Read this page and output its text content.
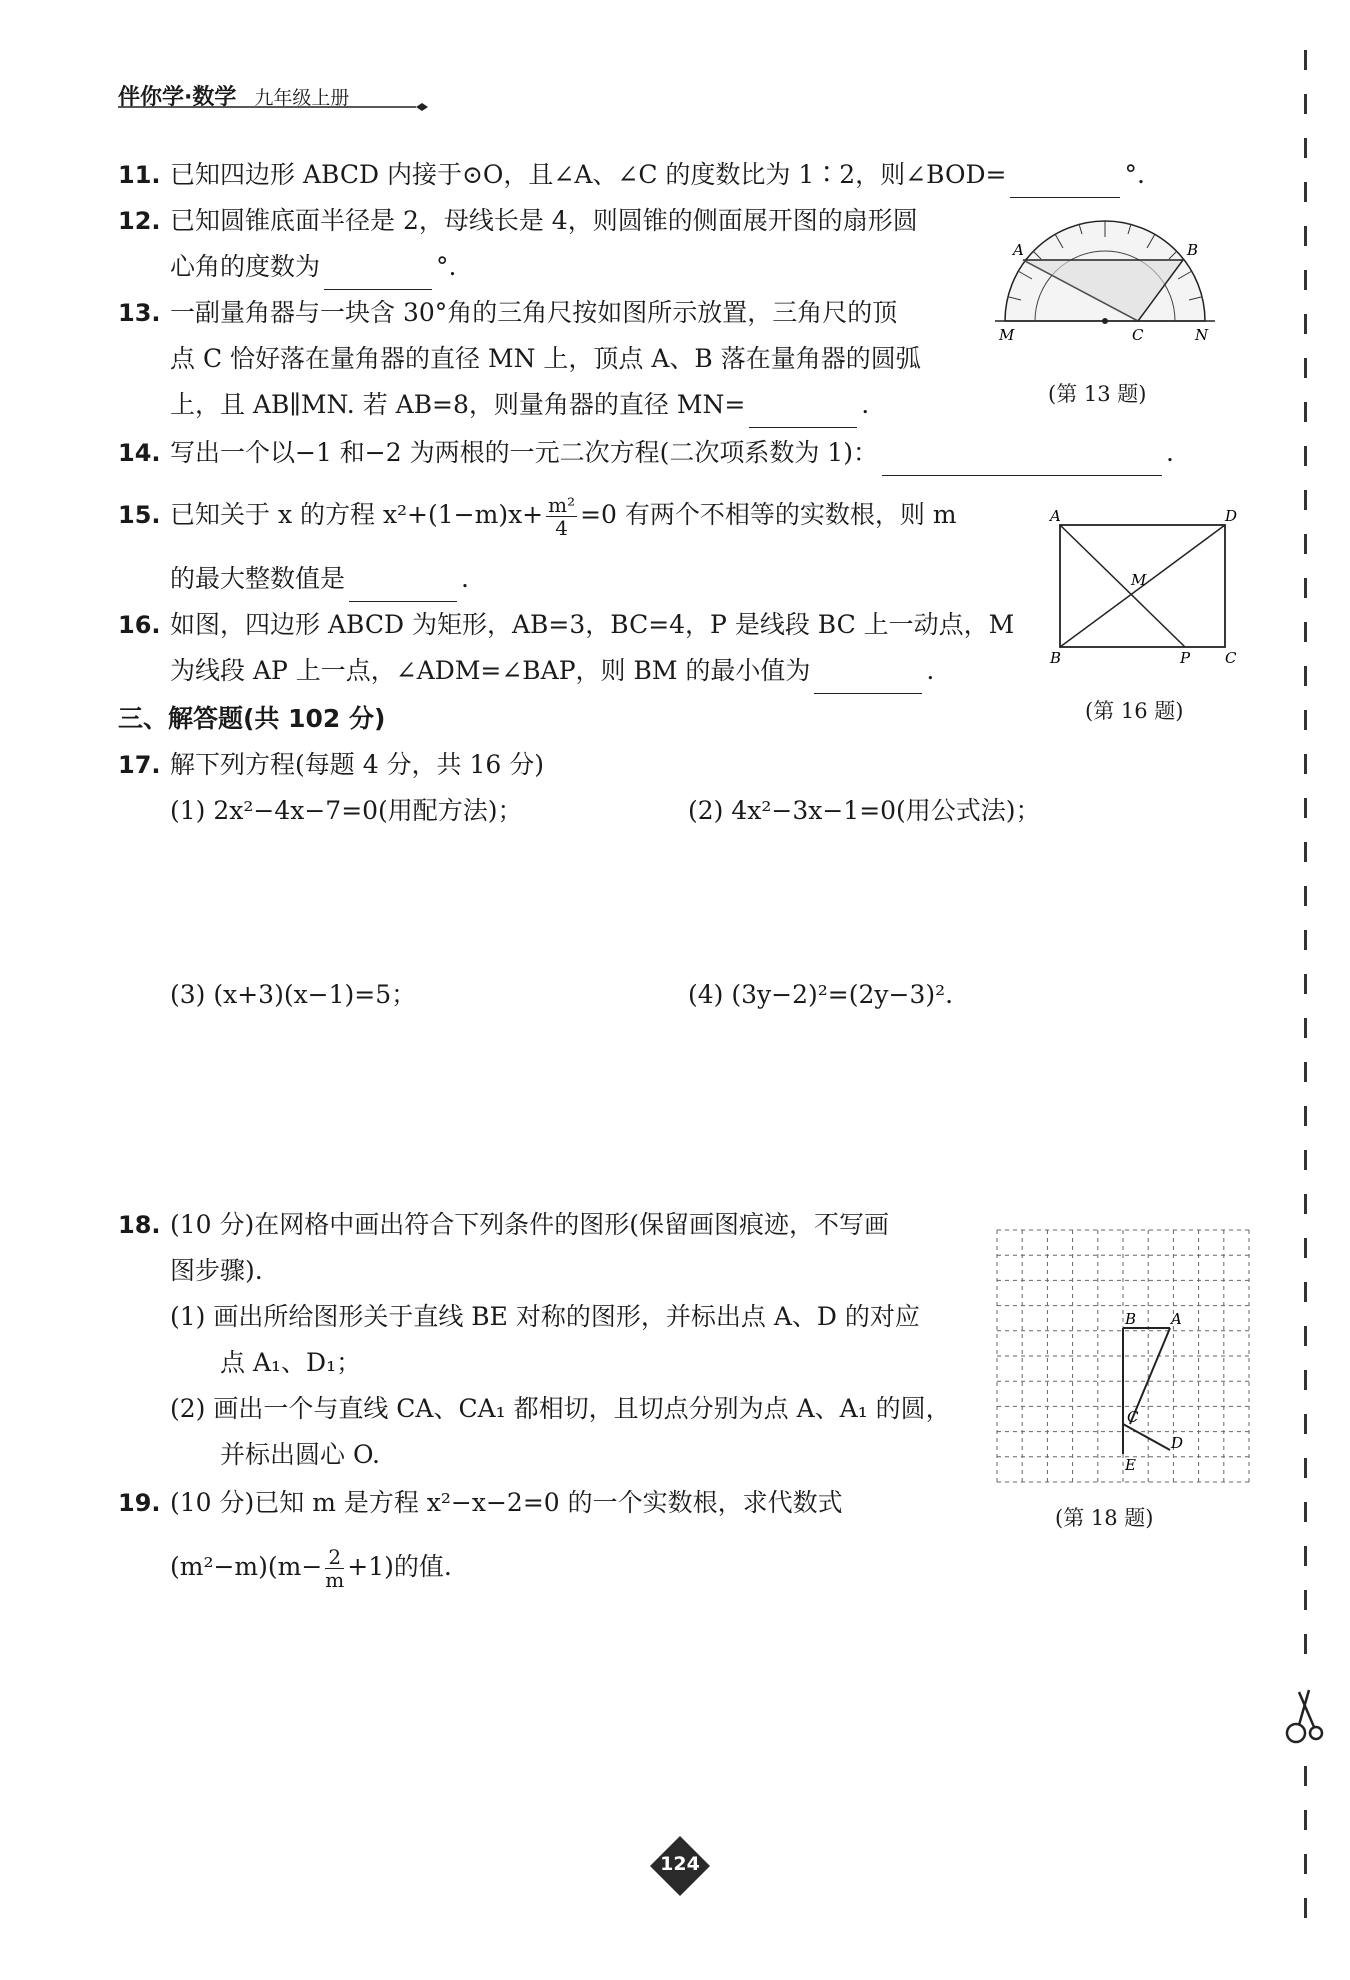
伴你学·数学 九年级上册
11. 已知四边形 ABCD 内接于⊙O，且∠A、∠C 的度数比为 1∶2，则∠BOD=	°.
12. 已知圆锥底面半径是 2，母线长是 4，则圆锥的侧面展开图的扇形圆
心角的度数为	°.
13. 一副量角器与一块含 30°角的三角尺按如图所示放置，三角尺的顶
点 C 恰好落在量角器的直径 MN 上，顶点 A、B 落在量角器的圆弧
上，且 AB∥MN. 若 AB=8，则量角器的直径 MN=	.
A	B
M	C	N
(第 13 题)
14. 写出一个以−1 和−2 为两根的一元二次方程(二次项系数为 1)：	.
15. 已知关于 x 的方程 $x^2+(1-m)x+ \frac{\text{m²}}{4} =0$ 有两个不相等的实数根，则 m
的最大整数值是	.
A	D
M
B	P C
(第 16 题)
16. 如图，四边形 ABCD 为矩形，AB=3，BC=4，P 是线段 BC 上一动点，M
为线段 AP 上一点，∠ADM=∠BAP，则 BM 的最小值为	.
三、解答题(共 102 分)
17. 解下列方程(每题 4 分，共 16 分)
(1) 2x²−4x−7=0(用配方法)；	(2) 4x²−3x−1=0(用公式法)；
(3) (x+3)(x−1)=5；	(4) (3y−2)²=(2y−3)².
18. (10 分)在网格中画出符合下列条件的图形(保留画图痕迹，不写画
图步骤).
(1) 画出所给图形关于直线 BE 对称的图形，并标出点 A、D 的对应
点 A₁、D₁；
(2) 画出一个与直线 CA、CA₁ 都相切，且切点分别为点 A、A₁ 的圆，
并标出圆心 O.
B A
C
D
E
(第 18 题)
19. (10 分)已知 m 是方程 x²−x−2=0 的一个实数根，求代数式
$(m^2-m)(m- \frac{2}{m} +1)$的值.
124
